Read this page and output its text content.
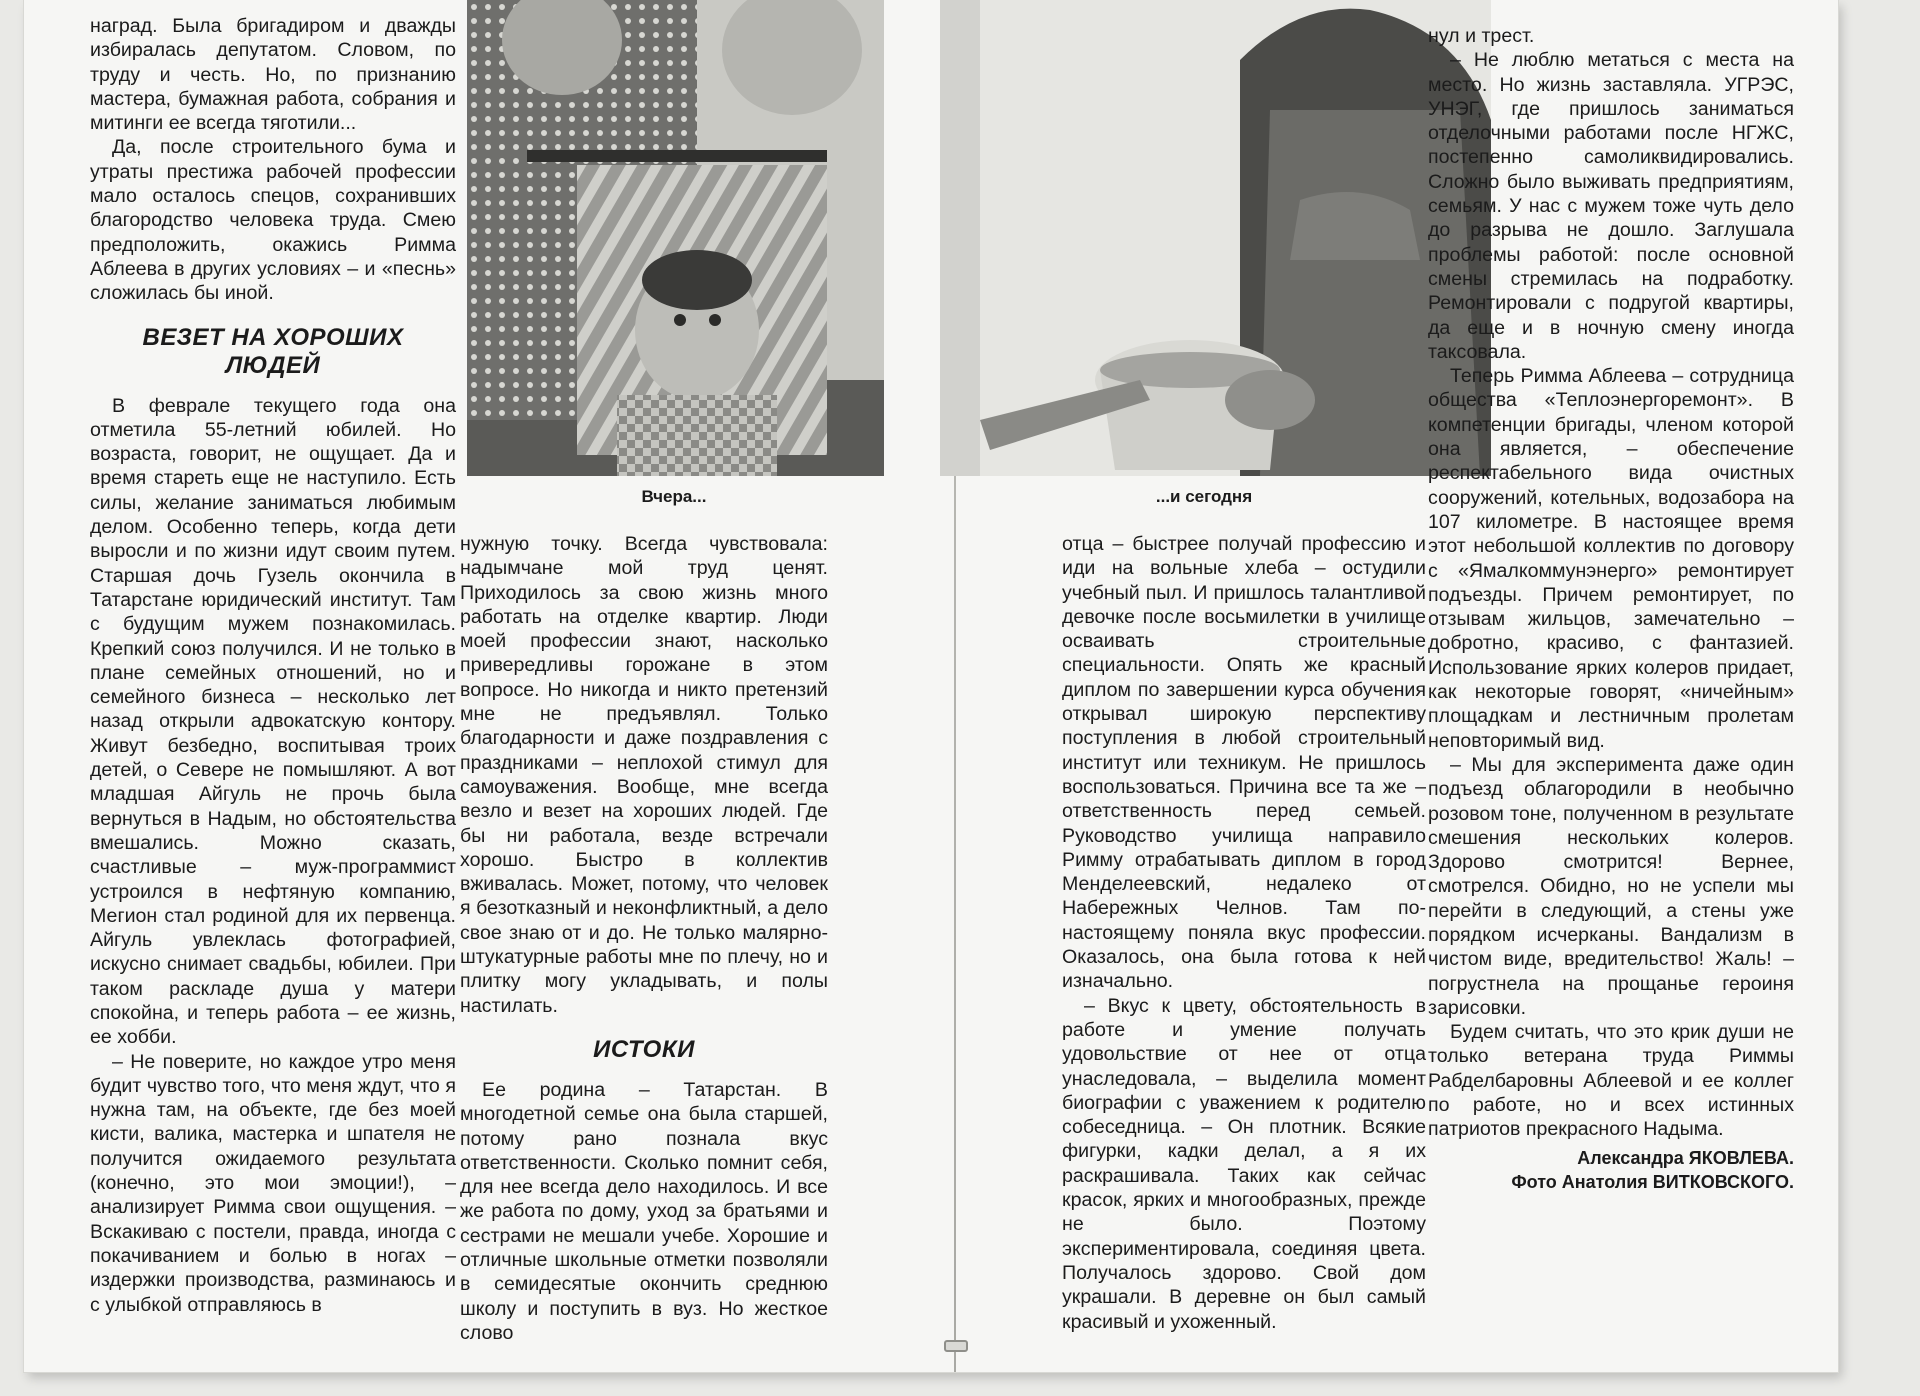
Вчера...	...и сегодня

наград. Была бригадиром и дважды избиралась депутатом. Словом, по труду и честь. Но, по признанию мастера, бумажная работа, собрания и митинги ее всегда тяготили...

Да, после строительного бума и утраты престижа рабочей профессии мало осталось спецов, сохранивших благородство человека труда. Смею предположить, окажись Римма Аблеева в других условиях – и «песнь» сложилась бы иной.

ВЕЗЕТ НА ХОРОШИХ
ЛЮДЕЙ

В феврале текущего года она отметила 55-летний юбилей. Но возраста, говорит, не ощущает. Да и время стареть еще не наступило. Есть силы, желание заниматься любимым делом. Особенно теперь, когда дети выросли и по жизни идут своим путем. Старшая дочь Гузель окончила в Татарстане юридический институт. Там с будущим мужем познакомилась. Крепкий союз получился. И не только в плане семейных отношений, но и семейного бизнеса – несколько лет назад открыли адвокатскую контору. Живут безбедно, воспитывая троих детей, о Севере не помышляют. А вот младшая Айгуль не прочь была вернуться в Надым, но обстоятельства вмешались. Можно сказать, счастливые – муж-программист устроился в нефтяную компанию, Мегион стал родиной для их первенца. Айгуль увлеклась фотографией, искусно снимает свадьбы, юбилеи. При таком раскладе душа у матери спокойна, и теперь работа – ее жизнь, ее хобби.

– Не поверите, но каждое утро меня будит чувство того, что меня ждут, что я нужна там, на объекте, где без моей кисти, валика, мастерка и шпателя не получится ожидаемого результата (конечно, это мои эмоции!), – анализирует Римма свои ощущения. – Вскакиваю с постели, правда, иногда с покачиванием и болью в ногах – издержки производства, разминаюсь и с улыбкой отправляюсь в

нужную точку. Всегда чувствовала: надымчане мой труд ценят. Приходилось за свою жизнь много работать на отделке квартир. Люди моей профессии знают, насколько привередливы горожане в этом вопросе. Но никогда и никто претензий мне не предъявлял. Только благодарности и даже поздравления с праздниками – неплохой стимул для самоуважения. Вообще, мне всегда везло и везет на хороших людей. Где бы ни работала, везде встречали хорошо. Быстро в коллектив вживалась. Может, потому, что человек я безотказный и неконфликтный, а дело свое знаю от и до. Не только малярно-штукатурные работы мне по плечу, но и плитку могу укладывать, и полы настилать.

ИСТОКИ

Ее родина – Татарстан. В многодетной семье она была старшей, потому рано познала вкус ответственности. Сколько помнит себя, для нее всегда дело находилось. И все же работа по дому, уход за братьями и сестрами не мешали учебе. Хорошие и отличные школьные отметки позволяли в семидесятые окончить среднюю школу и поступить в вуз. Но жесткое слово

отца – быстрее получай профессию и иди на вольные хлеба – остудили учебный пыл. И пришлось талантливой девочке после восьмилетки в училище осваивать строительные специальности. Опять же красный диплом по завершении курса обучения открывал широкую перспективу поступления в любой строительный институт или техникум. Не пришлось воспользоваться. Причина все та же – ответственность перед семьей. Руководство училища направило Римму отрабатывать диплом в город Менделеевский, недалеко от Набережных Челнов. Там по-настоящему поняла вкус профессии. Оказалось, она была готова к ней изначально.

– Вкус к цвету, обстоятельность в работе и умение получать удовольствие от нее от отца унаследовала, – выделила момент биографии с уважением к родителю собеседница. – Он плотник. Всякие фигурки, кадки делал, а я их раскрашивала. Таких как сейчас красок, ярких и многообразных, прежде не было. Поэтому экспериментировала, соединяя цвета. Получалось здорово. Свой дом украшали. В деревне он был самый красивый и ухоженный.

нул и трест.

– Не люблю метаться с места на место. Но жизнь заставляла. УГРЭС, УНЭГ, где пришлось заниматься отделочными работами после НГЖС, постепенно самоликвидировались. Сложно было выживать предприятиям, семьям. У нас с мужем тоже чуть дело до разрыва не дошло. Заглушала проблемы работой: после основной смены стремилась на подработку. Ремонтировали с подругой квартиры, да еще и в ночную смену иногда таксовала.

Теперь Римма Аблеева – сотрудница общества «Теплоэнергоремонт». В компетенции бригады, членом которой она является, – обеспечение респектабельного вида очистных сооружений, котельных, водозабора на 107 километре. В настоящее время этот небольшой коллектив по договору с «Ямалкоммунэнерго» ремонтирует подъезды. Причем ремонтирует, по отзывам жильцов, замечательно – добротно, красиво, с фантазией. Использование ярких колеров придает, как некоторые говорят, «ничейным» площадкам и лестничным пролетам неповторимый вид.

– Мы для эксперимента даже один подъезд облагородили в необычно розовом тоне, полученном в результате смешения нескольких колеров. Здорово смотрится! Вернее, смотрелся. Обидно, но не успели мы перейти в следующий, а стены уже порядком исчерканы. Вандализм в чистом виде, вредительство! Жаль! – погрустнела на прощанье героиня зарисовки.

Будем считать, что это крик души не только ветерана труда Риммы Рабделбаровны Аблеевой и ее коллег по работе, но и всех истинных патриотов прекрасного Надыма.

Александра ЯКОВЛЕВА.
Фото Анатолия ВИТКОВСКОГО.
